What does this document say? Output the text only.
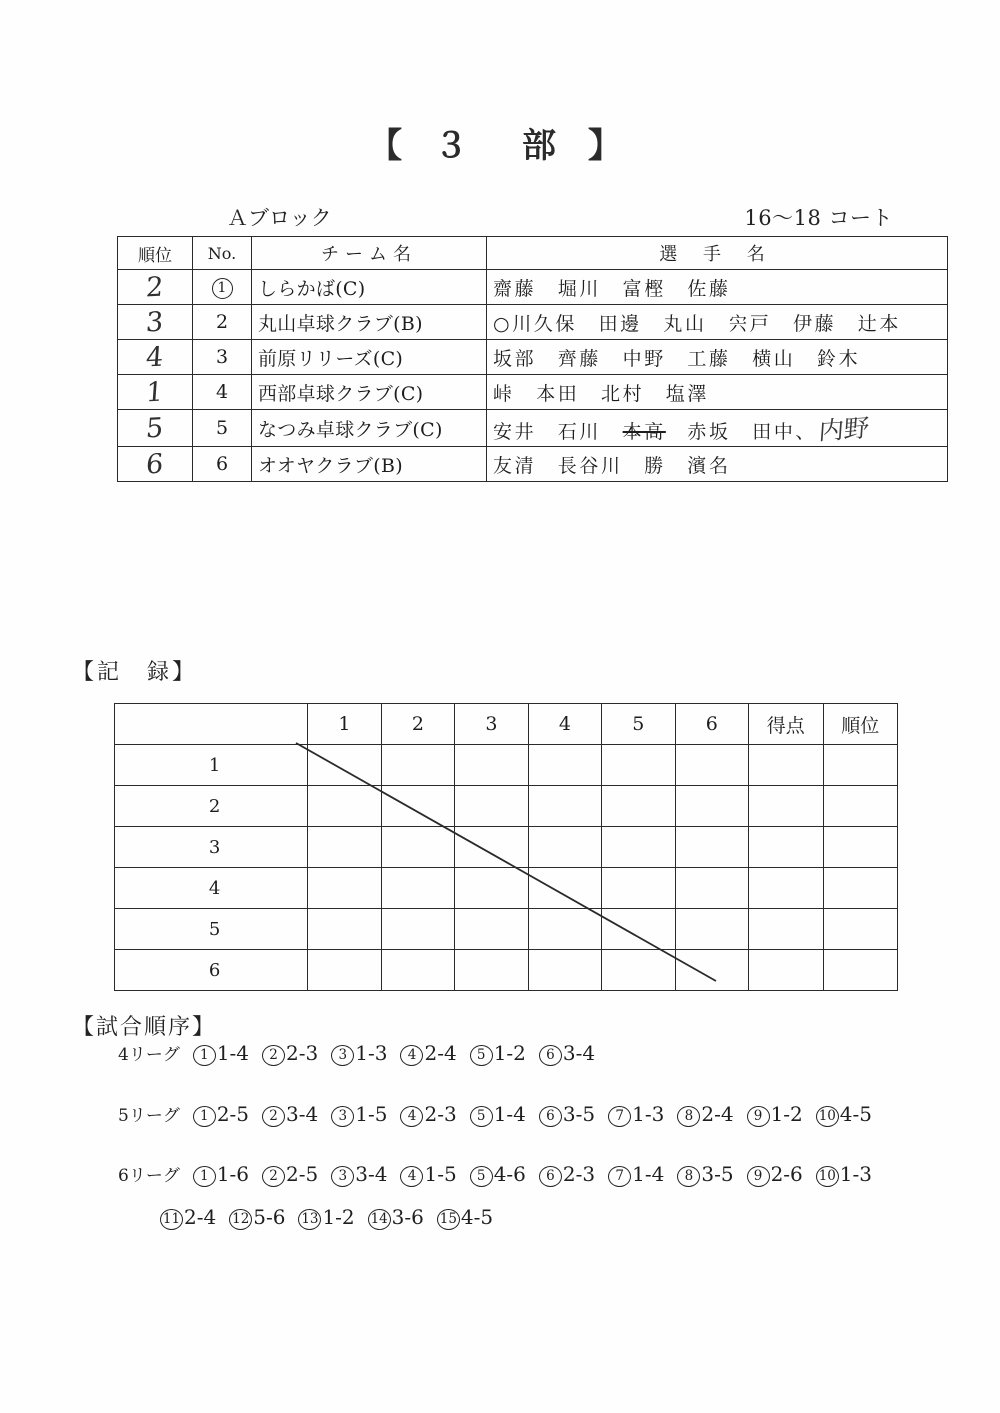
【 ３　部 】
Ａブロック	16〜18 コート
順位	No.	チーム名	選 手 名
2	1	しらかば(C)	齋藤　堀川　富樫　佐藤
3	2	丸山卓球クラブ(B)	○川久保　田邊　丸山　宍戸　伊藤　辻本
4	3	前原リリーズ(C)	坂部　齊藤　中野　工藤　横山　鈴木
1	4	西部卓球クラブ(C)	峠　本田　北村　塩澤
5	5	なつみ卓球クラブ(C)	安井　石川　本高　赤坂　田中、内野
6	6	オオヤクラブ(B)	友清　長谷川　勝　濱名
【記　録】
	1	2	3	4	5	6	得点	順位
1								
2								
3								
4								
5								
6								
【試合順序】
4リーグ 1 1-4 2 2-3 3 1-3 4 2-4 5 1-2 6 3-4
5リーグ 1 2-5 2 3-4 3 1-5 4 2-3 5 1-4 6 3-5 7 1-3 8 2-4 9 1-2 10 4-5
6リーグ 1 1-6 2 2-5 3 3-4 4 1-5 5 4-6 6 2-3 7 1-4 8 3-5 9 2-6 10 1-3
11 2-4 12 5-6 13 1-2 14 3-6 15 4-5
